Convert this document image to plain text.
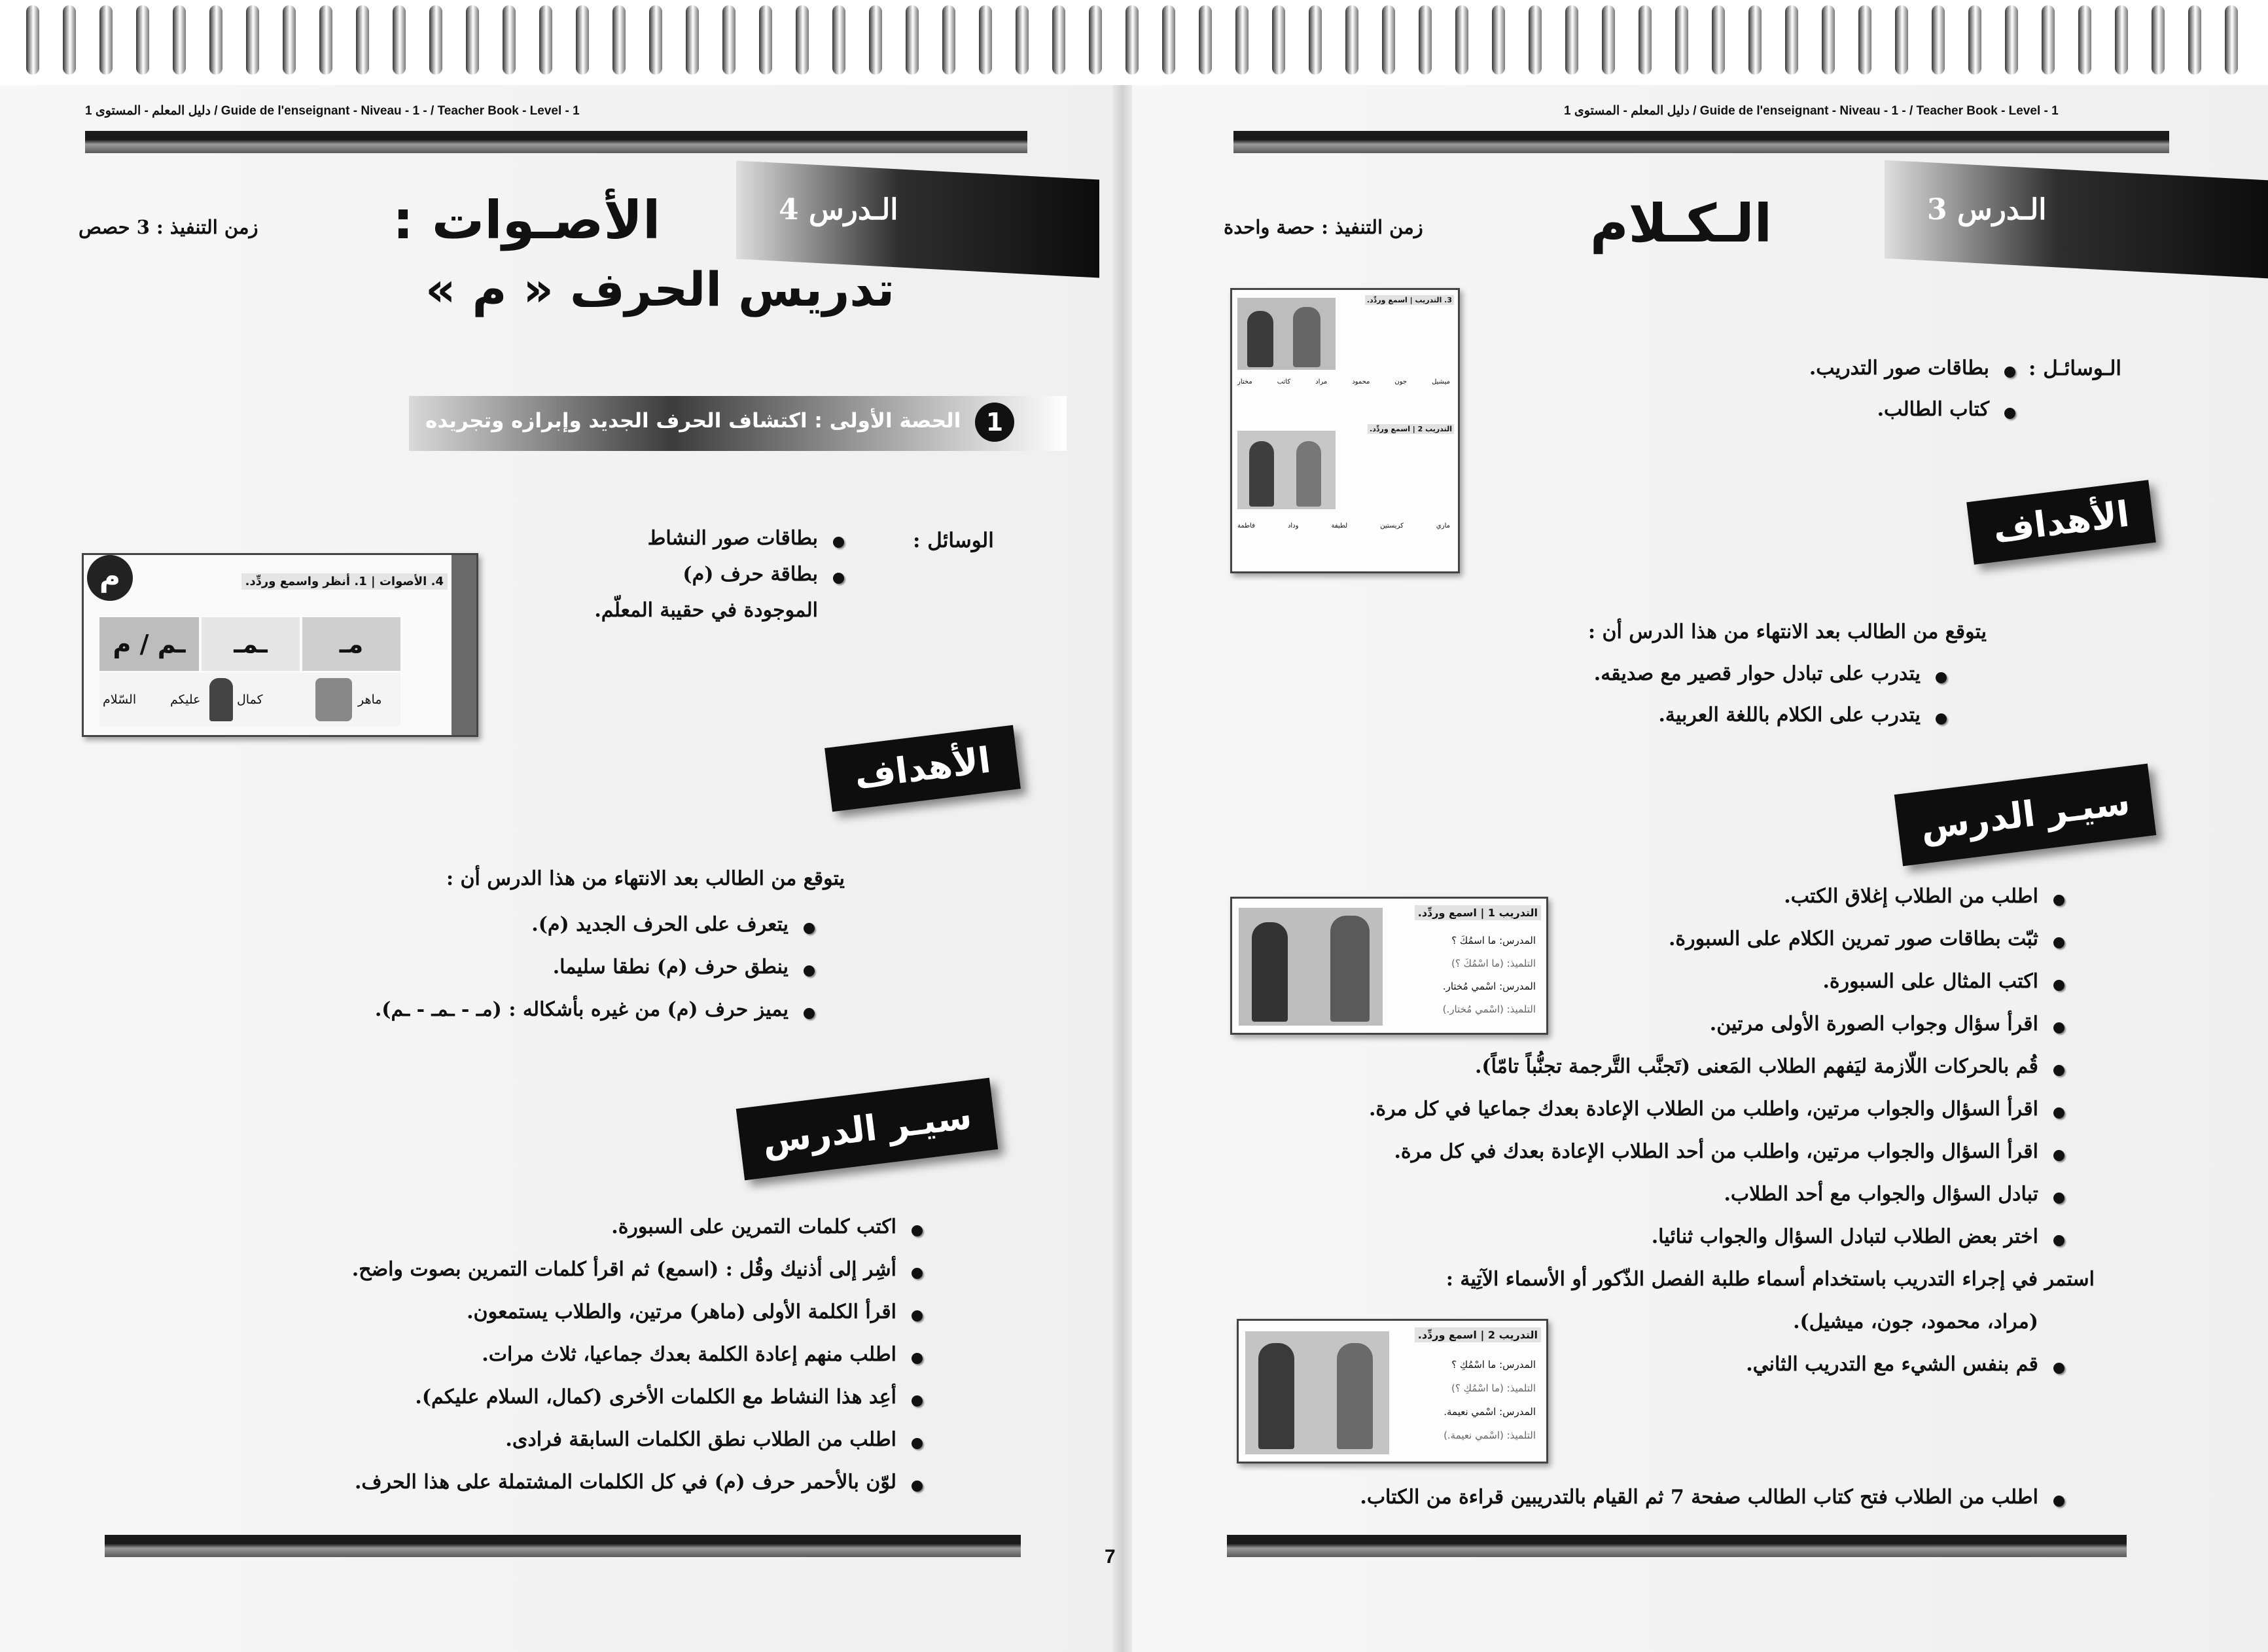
دليل المعلم - المستوى 1 / Guide de l'enseignant - Niveau - 1 - / Teacher Book - Level - 1
الـدرس 4
الأصـوات :
تدريس الحرف « م »
زمن التنفيذ : 3 حصص
1
الحصة الأولى : اكتشاف الحرف الجديد وإبرازه وتجريده
الوسائل :
بطاقات صور النشاط
بطاقة حرف (م)
الموجودة في حقيبة المعلّم.
م	4. الأصوات | 1. أنظر واسمع وردِّد.
ـم / م	ـمـ	مـ
السّلام	عليكم	كمال	ماهر
الأهداف
يتوقع من الطالب بعد الانتهاء من هذا الدرس أن :
يتعرف على الحرف الجديد (م).
ينطق حرف (م) نطقا سليما.
يميز حرف (م) من غيره بأشكاله : (مـ - ـمـ - ـم).
سيـر الدرس
اكتب كلمات التمرين على السبورة.
أشِر إلى أذنيك وقُل : (اسمع) ثم اقرأ كلمات التمرين بصوت واضح.
اقرأ الكلمة الأولى (ماهر) مرتين، والطلاب يستمعون.
اطلب منهم إعادة الكلمة بعدك جماعيا، ثلاث مرات.
أعِد هذا النشاط مع الكلمات الأخرى (كمال، السلام عليكم).
اطلب من الطلاب نطق الكلمات السابقة فرادى.
لوّن بالأحمر حرف (م) في كل الكلمات المشتملة على هذا الحرف.
7
دليل المعلم - المستوى 1 / Guide de l'enseignant - Niveau - 1 - / Teacher Book - Level - 1
الـدرس 3
الـكـلام
زمن التنفيذ : حصة واحدة
الـوسائـل :
بطاقات صور التدريب.
كتاب الطالب.
3. التدريب | اسمع وردِّد.
مختار	كاتب	مراد	محمود	جون	ميشيل
التدريب 2 | اسمع وردِّد.
فاطمة	وداد	لطيفة	كريستين	ماري	الأهداف
يتوقع من الطالب بعد الانتهاء من هذا الدرس أن :
يتدرب على تبادل حوار قصير مع صديقه.
يتدرب على الكلام باللغة العربية.
سيـر الدرس
التدريب 1 | اسمع وردِّد.
المدرس: ما اسمُكَ ؟
التلميذ: (ما اسْمُكَ ؟)
المدرس: اسْمي مُختار.
التلميذ: (اسْمي مُختار.)
اطلب من الطلاب إغلاق الكتب.
ثبّت بطاقات صور تمرين الكلام على السبورة.
اكتب المثال على السبورة.
اقرأ سؤال وجواب الصورة الأولى مرتين.
قُم بالحركات اللّازمة ليَفهم الطلاب المَعنى (تَجنَّب التَّرجمة تجنُّباً تامّاً).
اقرأ السؤال والجواب مرتين، واطلب من الطلاب الإعادة بعدك جماعيا في كل مرة.
اقرأ السؤال والجواب مرتين، واطلب من أحد الطلاب الإعادة بعدك في كل مرة.
تبادل السؤال والجواب مع أحد الطلاب.
اختر بعض الطلاب لتبادل السؤال والجواب ثنائيا.
استمر في إجراء التدريب باستخدام أسماء طلبة الفصل الذّكور أو الأسماء الآتِية :
(مراد، محمود، جون، ميشيل).
قم بنفس الشيء مع التدريب الثاني.
التدريب 2 | اسمع وردِّد.
المدرس: ما اسْمُكِ ؟
التلميذ: (ما اسْمُكِ ؟)
المدرس: اسْمي نعيمة.
التلميذ: (اسْمي نعيمة.)
اطلب من الطلاب فتح كتاب الطالب صفحة 7 ثم القيام بالتدريبين قراءة من الكتاب.
